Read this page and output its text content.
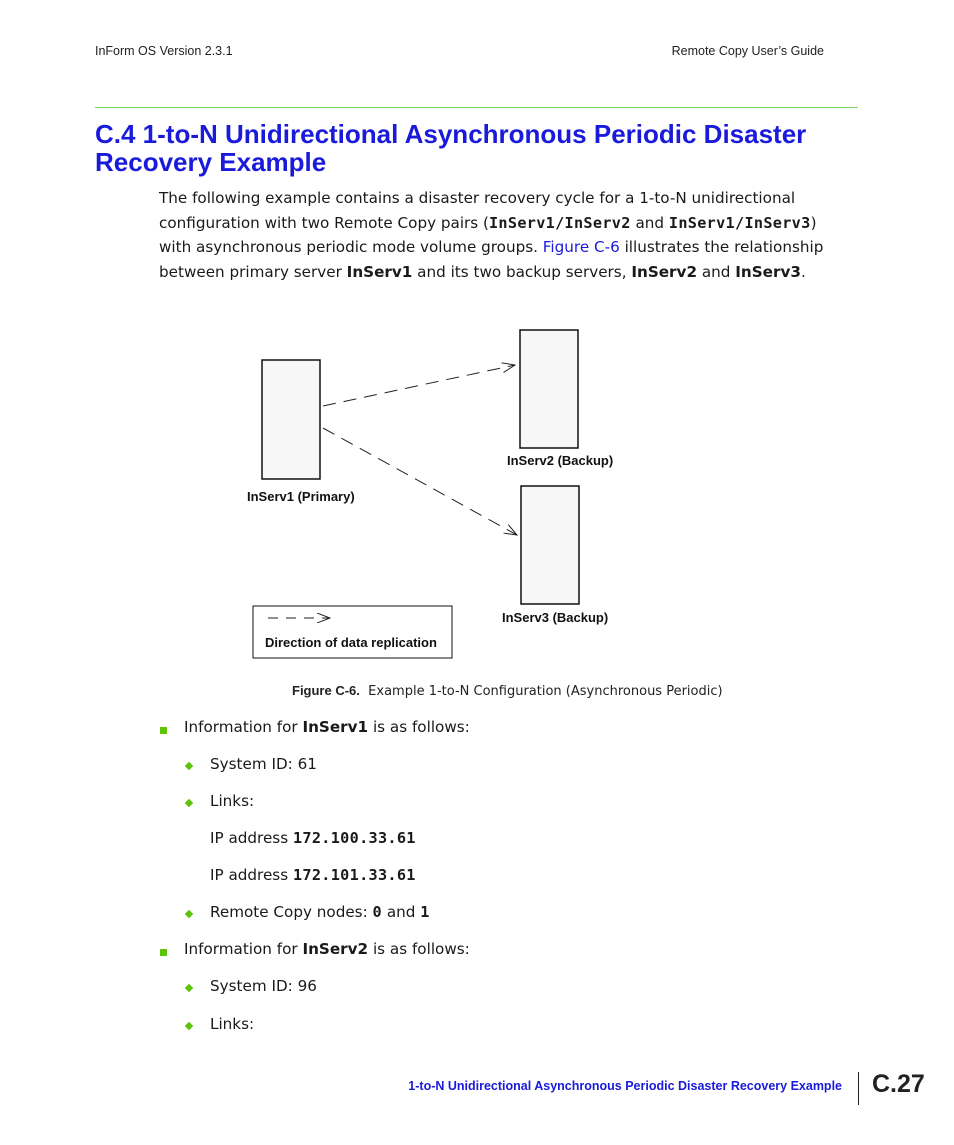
InForm OS Version 2.3.1	Remote Copy User’s Guide
C.4 1-to-N Unidirectional Asynchronous Periodic Disaster Recovery Example

The following example contains a disaster recovery cycle for a 1-to-N unidirectional configuration with two Remote Copy pairs (InServ1/InServ2 and InServ1/InServ3) with asynchronous periodic mode volume groups. Figure C-6 illustrates the relationship between primary server InServ1 and its two backup servers, InServ2 and InServ3.

InServ1 (Primary)
InServ2 (Backup)
InServ3 (Backup)
Direction of data replication
Figure C-6. Example 1-to-N Configuration (Asynchronous Periodic)
Information for InServ1 is as follows:
System ID: 61
Links:
IP address 172.100.33.61
IP address 172.101.33.61
Remote Copy nodes: 0 and 1
Information for InServ2 is as follows:
System ID: 96
Links:
1-to-N Unidirectional Asynchronous Periodic Disaster Recovery Example C.27
